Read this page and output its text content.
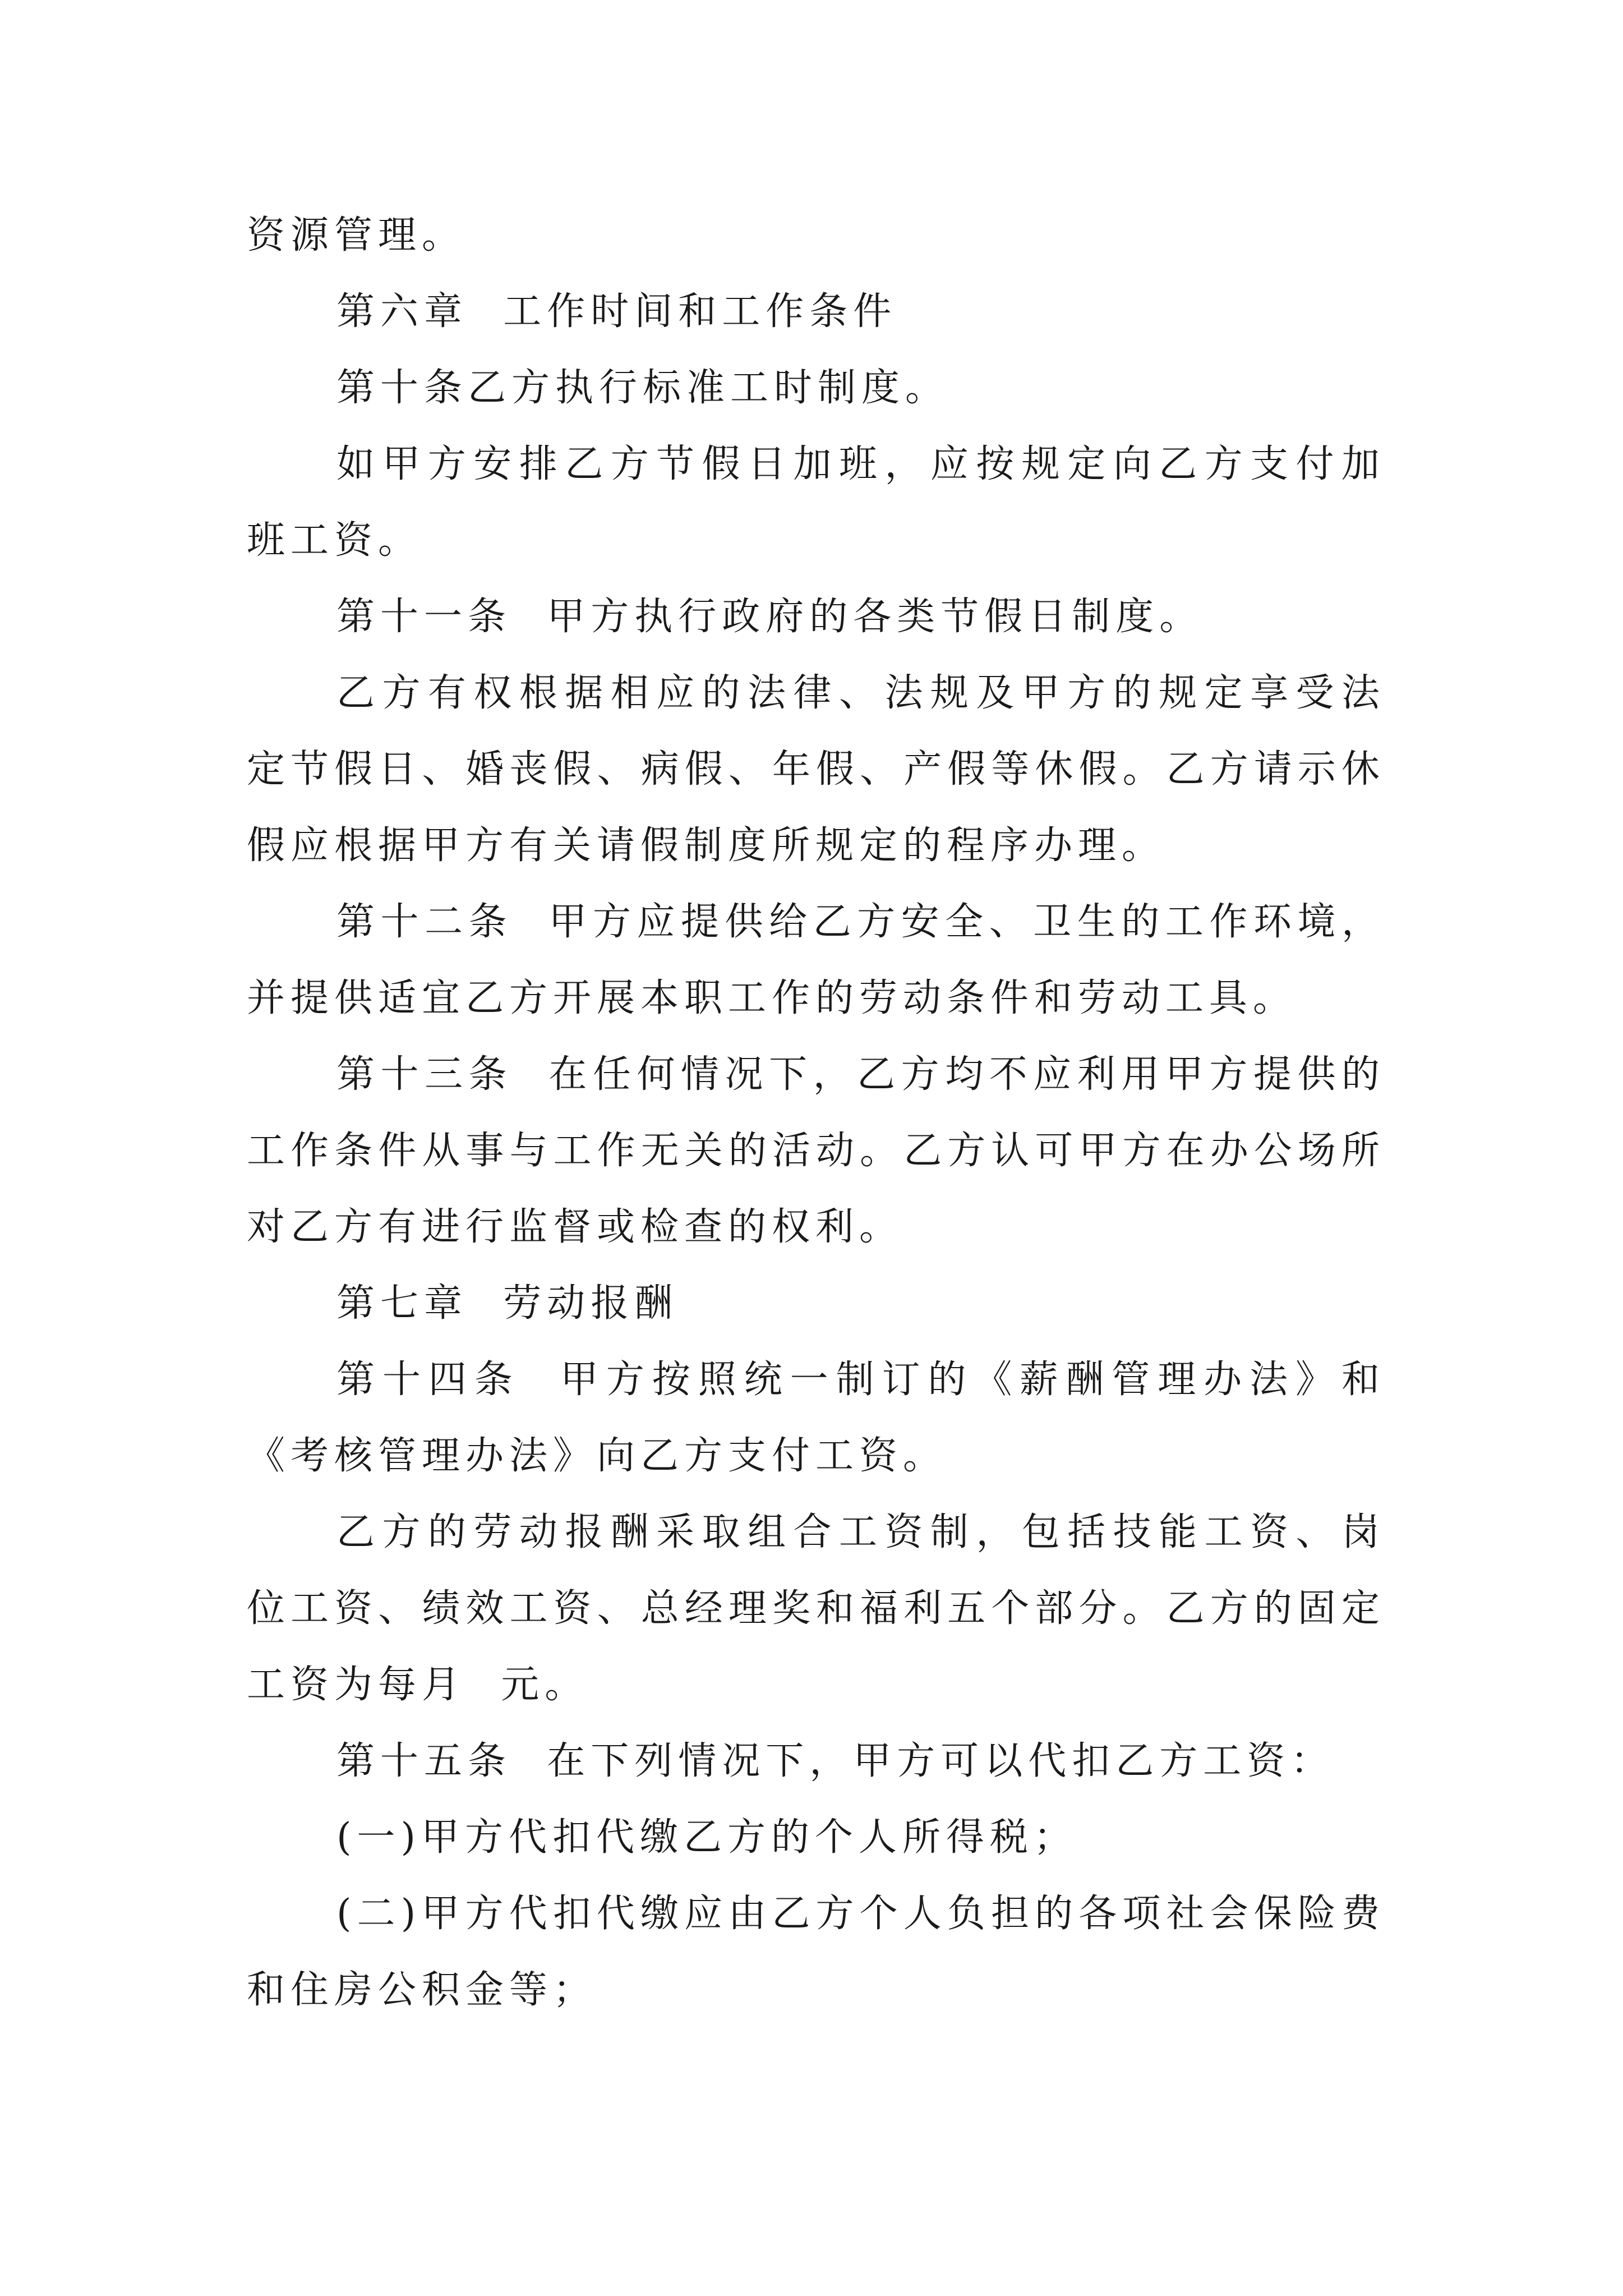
资源管理。

第六章  工作时间和工作条件

第十条乙方执行标准工时制度。

如甲方安排乙方节假日加班，应按规定向乙方支付加班工资。

第十一条  甲方执行政府的各类节假日制度。

乙方有权根据相应的法律、法规及甲方的规定享受法定节假日、婚丧假、病假、年假、产假等休假。乙方请示休假应根据甲方有关请假制度所规定的程序办理。

第十二条  甲方应提供给乙方安全、卫生的工作环境，并提供适宜乙方开展本职工作的劳动条件和劳动工具。

第十三条  在任何情况下，乙方均不应利用甲方提供的工作条件从事与工作无关的活动。乙方认可甲方在办公场所对乙方有进行监督或检查的权利。

第七章  劳动报酬

第十四条  甲方按照统一制订的《薪酬管理办法》和《考核管理办法》向乙方支付工资。

乙方的劳动报酬采取组合工资制，包括技能工资、岗位工资、绩效工资、总经理奖和福利五个部分。乙方的固定工资为每月  元。

第十五条  在下列情况下，甲方可以代扣乙方工资：

(一)甲方代扣代缴乙方的个人所得税；

(二)甲方代扣代缴应由乙方个人负担的各项社会保险费和住房公积金等；
